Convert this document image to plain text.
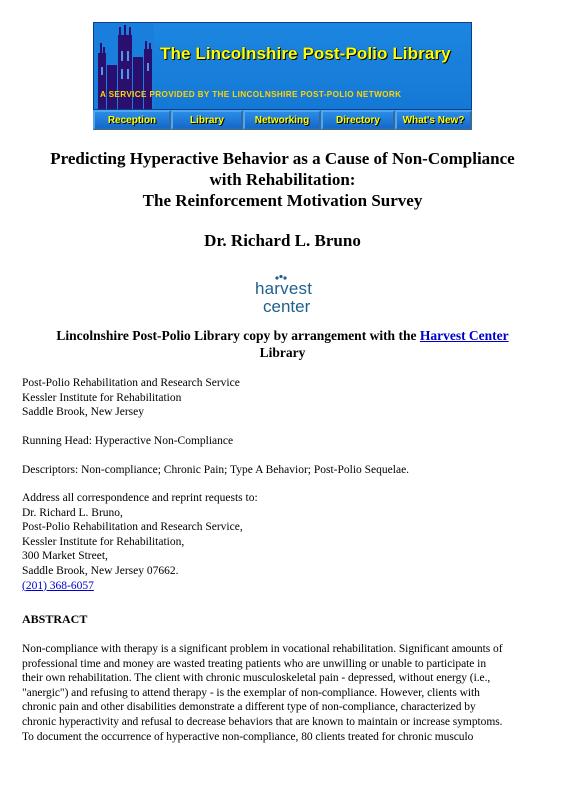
The Lincolnshire Post-Polio Library
A SERVICE PROVIDED BY THE LINCOLNSHIRE POST-POLIO NETWORK
Reception	Library	Networking	Directory	What's New?
Predicting Hyperactive Behavior as a Cause of Non-Compliance
with Rehabilitation:
The Reinforcement Motivation Survey
Dr. Richard L. Bruno
harvest
center
Lincolnshire Post-Polio Library copy by arrangement with the Harvest Center
Library
Post-Polio Rehabilitation and Research Service
Kessler Institute for Rehabilitation
Saddle Brook, New Jersey
Running Head: Hyperactive Non-Compliance
Descriptors: Non-compliance; Chronic Pain; Type A Behavior; Post-Polio Sequelae.
Address all correspondence and reprint requests to:
Dr. Richard L. Bruno,
Post-Polio Rehabilitation and Research Service,
Kessler Institute for Rehabilitation,
300 Market Street,
Saddle Brook, New Jersey 07662.
(201) 368-6057
ABSTRACT
Non-compliance with therapy is a significant problem in vocational rehabilitation. Significant amounts of
professional time and money are wasted treating patients who are unwilling or unable to participate in
their own rehabilitation. The client with chronic musculoskeletal pain - depressed, without energy (i.e.,
"anergic") and refusing to attend therapy - is the exemplar of non-compliance. However, clients with
chronic pain and other disabilities demonstrate a different type of non-compliance, characterized by
chronic hyperactivity and refusal to decrease behaviors that are known to maintain or increase symptoms.
To document the occurrence of hyperactive non-compliance, 80 clients treated for chronic musculo
